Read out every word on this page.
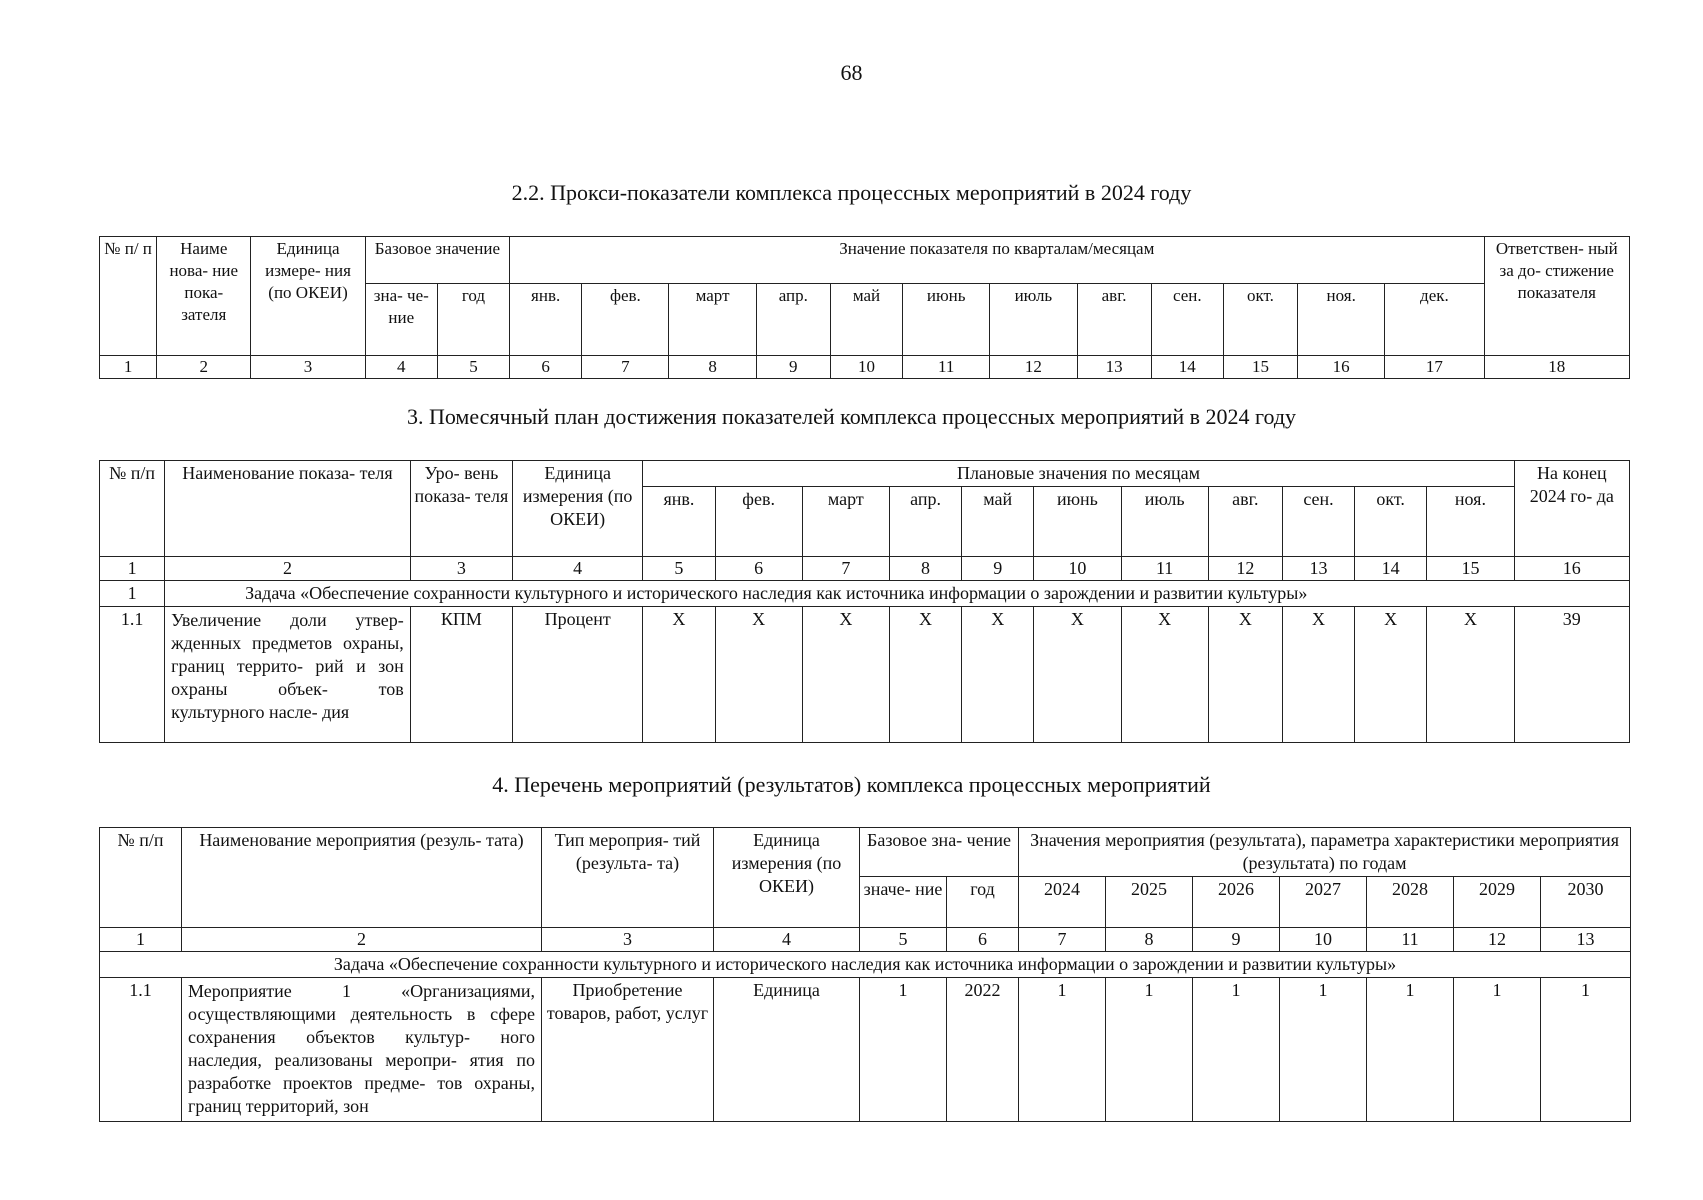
68
2.2. Прокси-показатели комплекса процессных мероприятий в 2024 году
№ п/ п	Наиме нова- ние пока- зателя	Единица измере- ния (по ОКЕИ)	Базовое значение		Значение показателя по кварталам/месяцам												Ответствен- ный за до- стижение показателя
			зна- че- ние	год	янв.	фев.	март	апр.	май	июнь	июль	авг.	сен.	окт.	ноя.	дек.	
1	2	3	4	5	6	7	8	9	10	11	12	13	14	15	16	17	18
3. Помесячный план достижения показателей комплекса процессных мероприятий в 2024 году
№ п/п	Наименование показа- теля	Уро- вень показа- теля	Единица измерения (по ОКЕИ)	Плановые значения по месяцам											На конец 2024 го- да
				янв.	фев.	март	апр.	май	июнь	июль	авг.	сен.	окт.	ноя.	
1	2	3	4	5	6	7	8	9	10	11	12	13	14	15	16
1	Задача «Обеспечение сохранности культурного и исторического наследия как источника информации о зарождении и развитии культуры»														
1.1	Увеличение доли утвер- жденных предметов охраны, границ террито- рий и зон охраны объек- тов культурного насле- дия	КПМ	Процент	Х	Х	Х	Х	Х	Х	Х	Х	Х	Х	Х	39
4. Перечень мероприятий (результатов) комплекса процессных мероприятий
№ п/п	Наименование мероприятия (резуль- тата)	Тип мероприя- тий (результа- та)	Единица измерения (по ОКЕИ)	Базовое зна- чение		Значения мероприятия (результата), параметра характеристики мероприятия (результата) по годам						
				значе- ние	год	2024	2025	2026	2027	2028	2029	2030
1	2	3	4	5	6	7	8	9	10	11	12	13
Задача «Обеспечение сохранности культурного и исторического наследия как источника информации о зарождении и развитии культуры»												
1.1	Мероприятие 1 «Организациями, осуществляющими деятельность в сфере сохранения объектов культур- ного наследия, реализованы меропри- ятия по разработке проектов предме- тов охраны, границ территорий, зон	Приобретение товаров, работ, услуг	Единица	1	2022	1	1	1	1	1	1	1
